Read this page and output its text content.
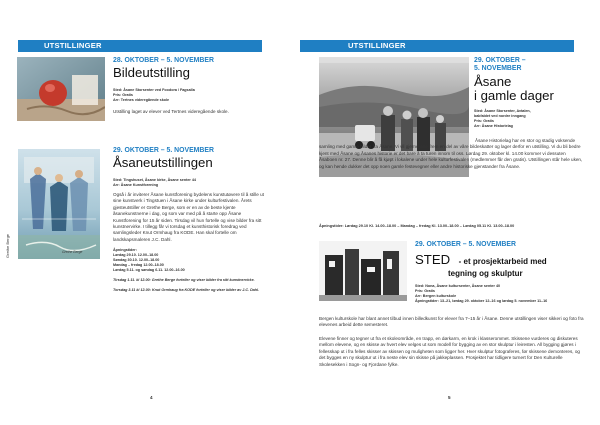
UTSTILLINGER
28. OKTOBER – 5. NOVEMBER
Bildeutstilling
Sted: Åsane Storsenter ved Foodora / Fagsalla
Pris: Gratis
Arr: Tertnes videregående skole
Utstilling laget av elever ved Tertnes videregående skole.
Grethe Berge
Grethe Berge
29. OKTOBER – 5. NOVEMBER
Åsaneutstillingen
Sted: Tingshuset, Åsane kirke, Åsane senter 44
Arr: Åsane Kunstforening
Også i år inviterer Åsane kunstforening bydelens kunstutøvere til å stille ut sine kunstverk i Tingstuen i Åsane kirke under kulturfestivalen. Årets gjesteutstiller er Grethe Berge, som er en av de beste kjente åsanekunstnerne i dag, og som var med på å starte opp Åsane Kunstforening for 15 år siden. Tirsdag vil hun fortelle og vise bilder fra sitt kunstnervirke. I tillegg får vi torsdag et kunsthistorisk foredrag ved samlingsleder Knut Ormhaug fra KODE. Han skal fortelle om landskapsmaleren J.C. Dahl.
Åpningstider:
Lørdag 29.10. 12.00–18.00
Søndag 30.10. 12.00–18.00
Mandag – fredag 12.00–18.00
Lørdag 5.11. og søndag 6.11. 12.00–16.00
Tirsdag 1.11. kl 12.00: Grethe Berge forteller og viser bilder fra sitt kunstnervirke.
Torsdag 3.11 kl 12.00: Knut Ormhaug fra KODE forteller og viser bilder av J.C. Dahl.
4
UTSTILLINGER
29. OKTOBER –
5. NOVEMBER
Åsane
i gamle dager
Sted: Åsane Storsenter, Avtalen,
bakfaldet ved nordre inngang
Pris: Gratis
Arr: Åsane Historielag
Åsane Historielag har en stor og stadig voksende samling med gamle bilder fra Åsane. Vi vil gjerne vise frem en del av våre bildeskatter og lager derfor en utstilling. Vi du bli bedre kjent med Åsane og Åsanes historie er det bare å ta turen innom til oss. Lørdag 29. oktober kl. 14.00 kommer vi dessuten Åsaboen nr. 27. Denne blir å få kjøpt i lokalene under hele kulturfestivalen (medlemmer får den gratis). Utstillingen står hele uken, og kan hende dukker det opp noen gamle festevegner eller andre historiske gjenstander fra Åsane.
Åpningstider: Lørdag 29.10 Kl. 14.00–18.00 – Mandag – fredag Kl. 13.00–18.00 – Lørdag 05.11 Kl. 13.00–18.00
29. OKTOBER – 5. NOVEMBER
STED - et prosjektarbeid med
tegning og skulptur
Sted: Nona, Åsane kultursenter, Åsane senter 40
Pris: Gratis
Arr: Bergen kulturskole
Åpningstider: 13–21, lørdag 29. oktober 12–16 og lørdag 5. november 11–16
Bergen kulturskole har blant annet tilbud innen billedkunst for elever fra 7–15 år i Åsane. Denne utstillingen viser sikkeri og foto fra elevenes arbeid dette semesteret.
Elevene finner og tegner ut fra et skoleområde, en trapp, en dørkarm, en krok i klasserommet. Skissene vurderes og diskuteres mellom elevene, og en skisse av hvert elev velges ut som modell for bygging av en stor skulptur i leiresten. All bygging gjøres i fellesskap ut i fra felles skisser av skissen og muligheten som ligger her. Hver skulptur fotograferes, før skissene demonteres, og det bygges en ny skulptur ut i fra neste elev sin skisse på jakkeplassen. Prosjektet har tidligere turnert for Den Kulturelle Skolesekken i Sogn- og Fjordane fylke.
5
